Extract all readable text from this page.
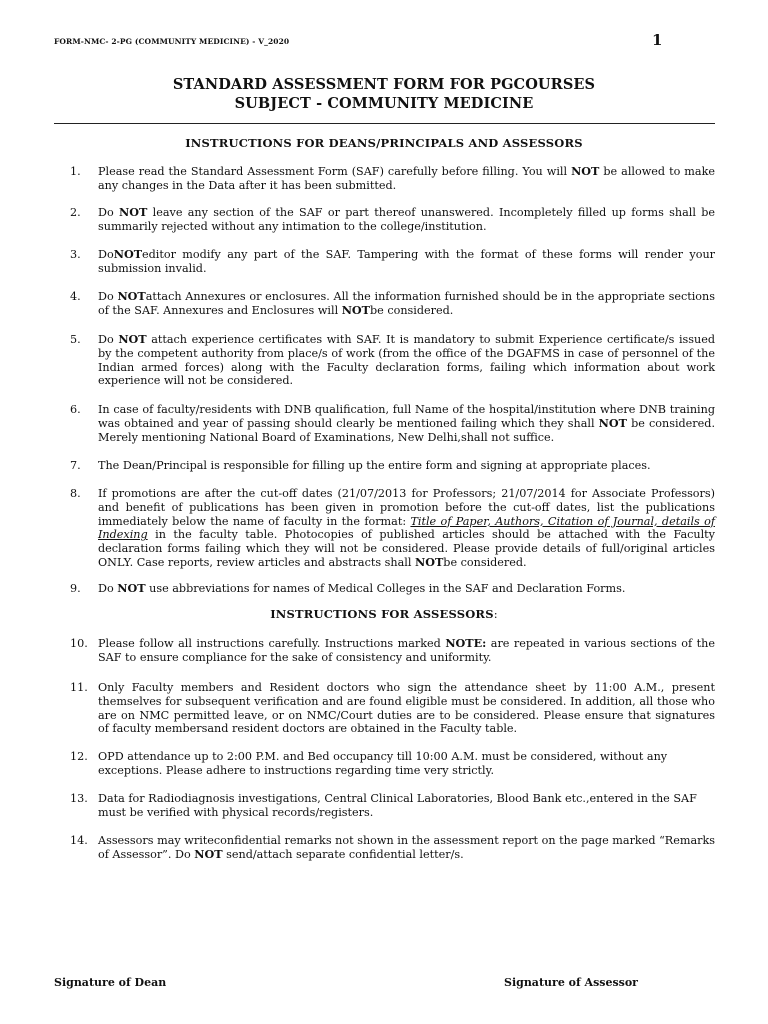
FORM-NMC- 2-PG (COMMUNITY MEDICINE) - V_2020	1
STANDARD ASSESSMENT FORM FOR PGCOURSES
SUBJECT - COMMUNITY MEDICINE
INSTRUCTIONS FOR DEANS/PRINCIPALS AND ASSESSORS
1.	Please read the Standard Assessment Form (SAF) carefully before filling. You will NOT be allowed to make any changes in the Data after it has been submitted.
2.	Do NOT leave any section of the SAF or part thereof unanswered. Incompletely filled up forms shall be summarily rejected without any intimation to the college/institution.
3.	DoNOTeditor modify any part of the SAF. Tampering with the format of these forms will render your submission invalid.
4.	Do NOTattach Annexures or enclosures. All the information furnished should be in the appropriate sections of the SAF. Annexures and Enclosures will NOTbe considered.
5.	Do NOT attach experience certificates with SAF. It is mandatory to submit Experience certificate/s issued by the competent authority from place/s of work (from the office of the DGAFMS in case of personnel of the Indian armed forces) along with the Faculty declaration forms, failing which information about work experience will not be considered.
6.	In case of faculty/residents with DNB qualification, full Name of the hospital/institution where DNB training was obtained and year of passing should clearly be mentioned failing which they shall NOT be considered. Merely mentioning National Board of Examinations, New Delhi,shall not suffice.
7.	The Dean/Principal is responsible for filling up the entire form and signing at appropriate places.
8.	If promotions are after the cut-off dates (21/07/2013 for Professors; 21/07/2014 for Associate Professors) and benefit of publications has been given in promotion before the cut-off dates, list the publications immediately below the name of faculty in the format: Title of Paper, Authors, Citation of Journal, details of Indexing in the faculty table. Photocopies of published articles should be attached with the Faculty declaration forms failing which they will not be considered. Please provide details of full/original articles ONLY. Case reports, review articles and abstracts shall NOTbe considered.
9.	Do NOT use abbreviations for names of Medical Colleges in the SAF and Declaration Forms.
INSTRUCTIONS FOR ASSESSORS:
10. Please follow all instructions carefully. Instructions marked NOTE: are repeated in various sections of the SAF to ensure compliance for the sake of consistency and uniformity.
11. Only Faculty members and Resident doctors who sign the attendance sheet by 11:00 A.M., present themselves for subsequent verification and are found eligible must be considered. In addition, all those who are on NMC permitted leave, or on NMC/Court duties are to be considered. Please ensure that signatures of faculty membersand resident doctors are obtained in the Faculty table.
12. OPD attendance up to 2:00 P.M. and Bed occupancy till 10:00 A.M. must be considered, without any exceptions. Please adhere to instructions regarding time very strictly.
13. Data for Radiodiagnosis investigations, Central Clinical Laboratories, Blood Bank etc.,entered in the SAF must be verified with physical records/registers.
14. Assessors may writeconfidential remarks not shown in the assessment report on the page marked “Remarks of Assessor”. Do NOT send/attach separate confidential letter/s.
Signature of Dean	Signature of Assessor
